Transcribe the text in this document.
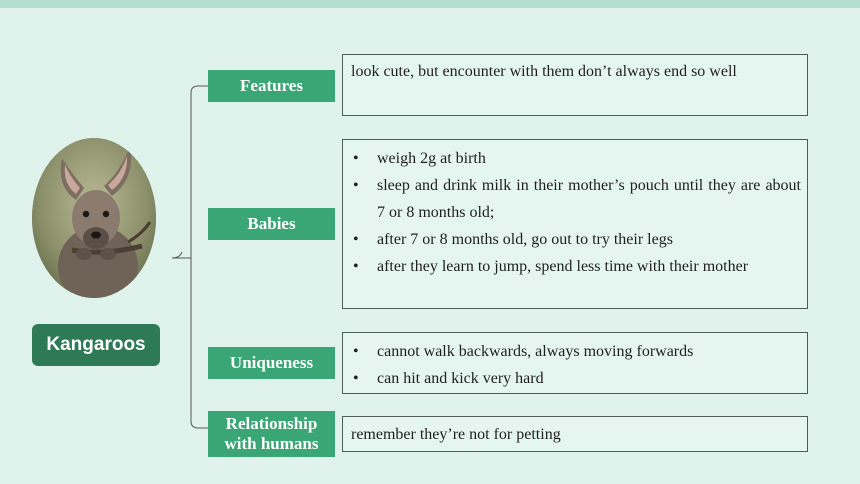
Kangaroos
Features

look cute, but encounter with them don’t always end so well

Babies
• weigh 2g at birth
• sleep and drink milk in their mother’s pouch until they are about 7 or 8 months old;
• after 7 or 8 months old, go out to try their legs
• after they learn to jump, spend less time with their mother
Uniqueness
• cannot walk backwards, always moving forwards
• can hit and kick very hard
Relationship with humans	remember they’re not for petting
